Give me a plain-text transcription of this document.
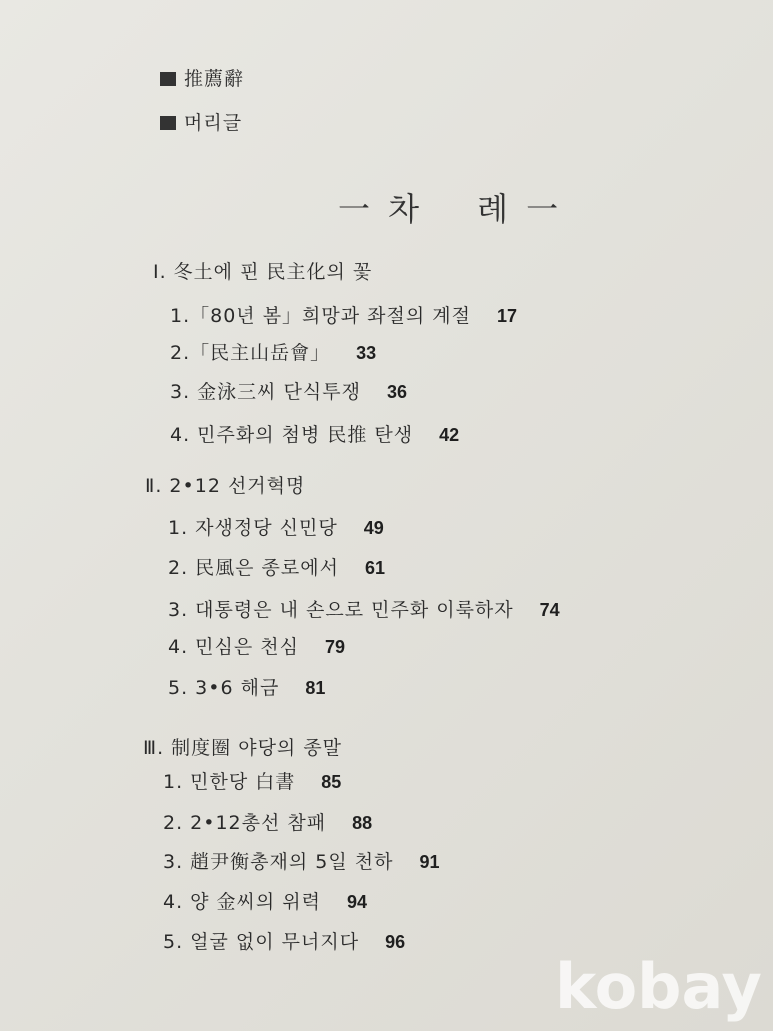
推薦辭
머리글
一 차 례 一
Ⅰ. 冬土에 핀 民主化의 꽃
1.「80년 봄」희망과 좌절의 계절 17
2.「民主山岳會」 33
3. 金泳三씨 단식투쟁 36
4. 민주화의 첨병 民推 탄생 42
Ⅱ. 2•12 선거혁명
1. 자생정당 신민당 49
2. 民風은 종로에서 61
3. 대통령은 내 손으로 민주화 이룩하자 74
4. 민심은 천심 79
5. 3•6 해금 81
Ⅲ. 制度圈 야당의 종말
1. 민한당 白書 85
2. 2•12총선 참패 88
3. 趙尹衡총재의 5일 천하 91
4. 양 金씨의 위력 94
5. 얼굴 없이 무너지다 96
kobay
